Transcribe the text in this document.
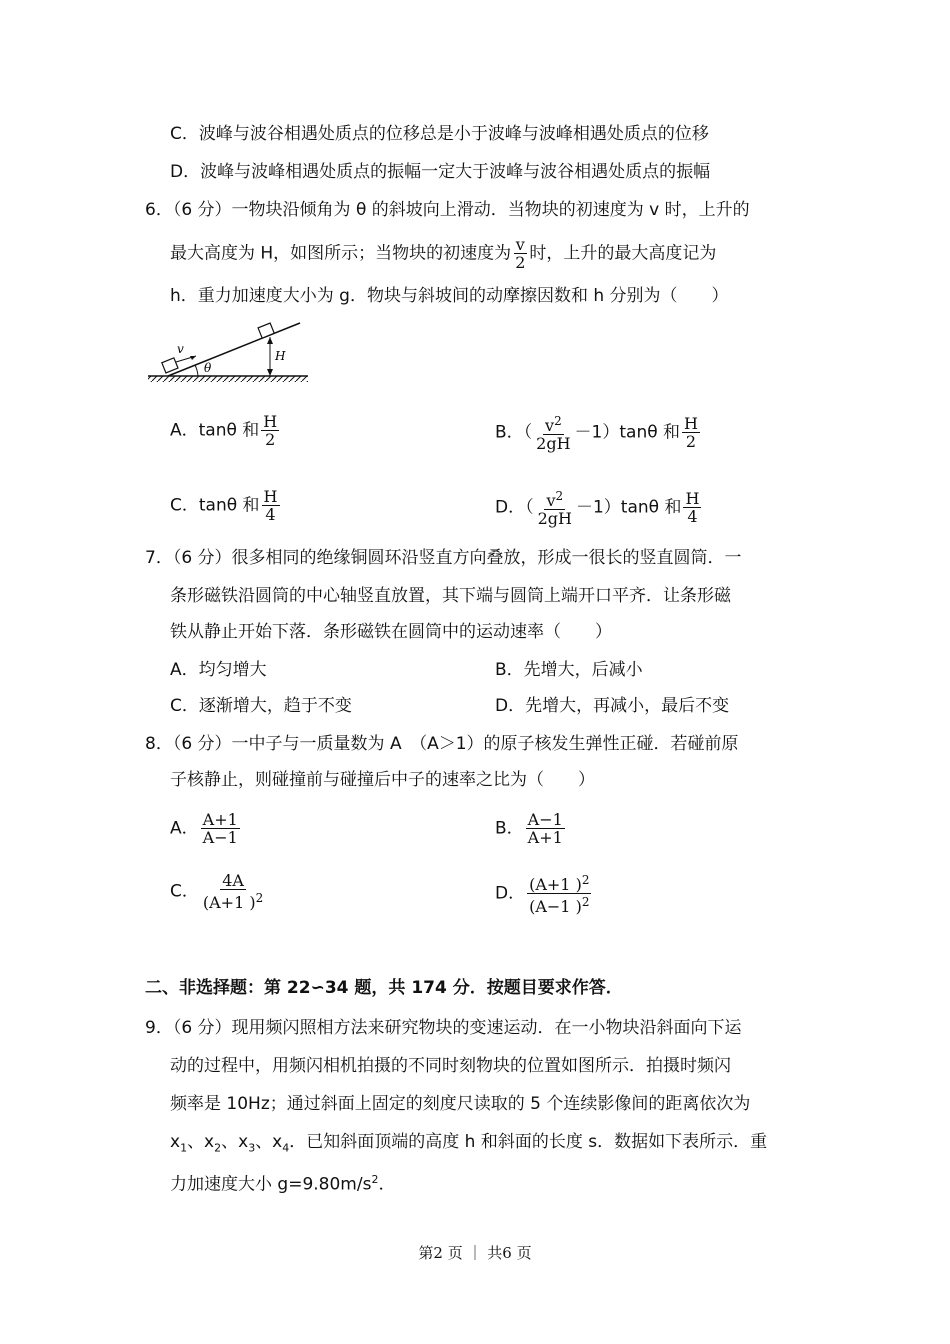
C．波峰与波谷相遇处质点的位移总是小于波峰与波峰相遇处质点的位移
D．波峰与波峰相遇处质点的振幅一定大于波峰与波谷相遇处质点的振幅
6．（6 分）一物块沿倾角为 θ 的斜坡向上滑动．当物块的初速度为 v 时，上升的
最大高度为 H，如图所示；当物块的初速度为 $\frac{v}{2}$ 时，上升的最大高度记为
h．重力加速度大小为 g．物块与斜坡间的动摩擦因数和 h 分别为（　　）
v
θ
H
A．tanθ 和 $\frac{H}{2}$	B．（ $\frac{v^2}{2gH} -1)\tan\theta$ 和 $\frac{H}{2}$
C．tanθ 和 $\frac{H}{4}$	D．（ $\frac{v^2}{2gH} -1)\tan\theta$ 和 $\frac{H}{4}$
7．（6 分）很多相同的绝缘铜圆环沿竖直方向叠放，形成一很长的竖直圆筒．一
条形磁铁沿圆筒的中心轴竖直放置，其下端与圆筒上端开口平齐．让条形磁
铁从静止开始下落．条形磁铁在圆筒中的运动速率（　　）
A．均匀增大	B．先增大，后减小
C．逐渐增大，趋于不变	D．先增大，再减小，最后不变
8．（6 分）一中子与一质量数为 A　（A＞1）的原子核发生弹性正碰．若碰前原
子核静止，则碰撞前与碰撞后中子的速率之比为（　　）
A． $\frac{A+1}{A-1}$	B． $\frac{A-1}{A+1}$
C． $\frac{4A}{(A+1 )^2}$	D． $\frac{(A+1 )^2}{(A-1 )^2}$
二、非选择题：第 22∽34 题，共 174 分．按题目要求作答．
9．（6 分）现用频闪照相方法来研究物块的变速运动．在一小物块沿斜面向下运
动的过程中，用频闪相机拍摄的不同时刻物块的位置如图所示．拍摄时频闪
频率是 10Hz；通过斜面上固定的刻度尺读取的 5 个连续影像间的距离依次为
$x_1$、$x_2$、$x_3$、$x_4$．已知斜面顶端的高度 h 和斜面的长度 s．数据如下表所示．重
力加速度大小 $g=9.80m/s^2$．
第2 页 ｜ 共6 页
